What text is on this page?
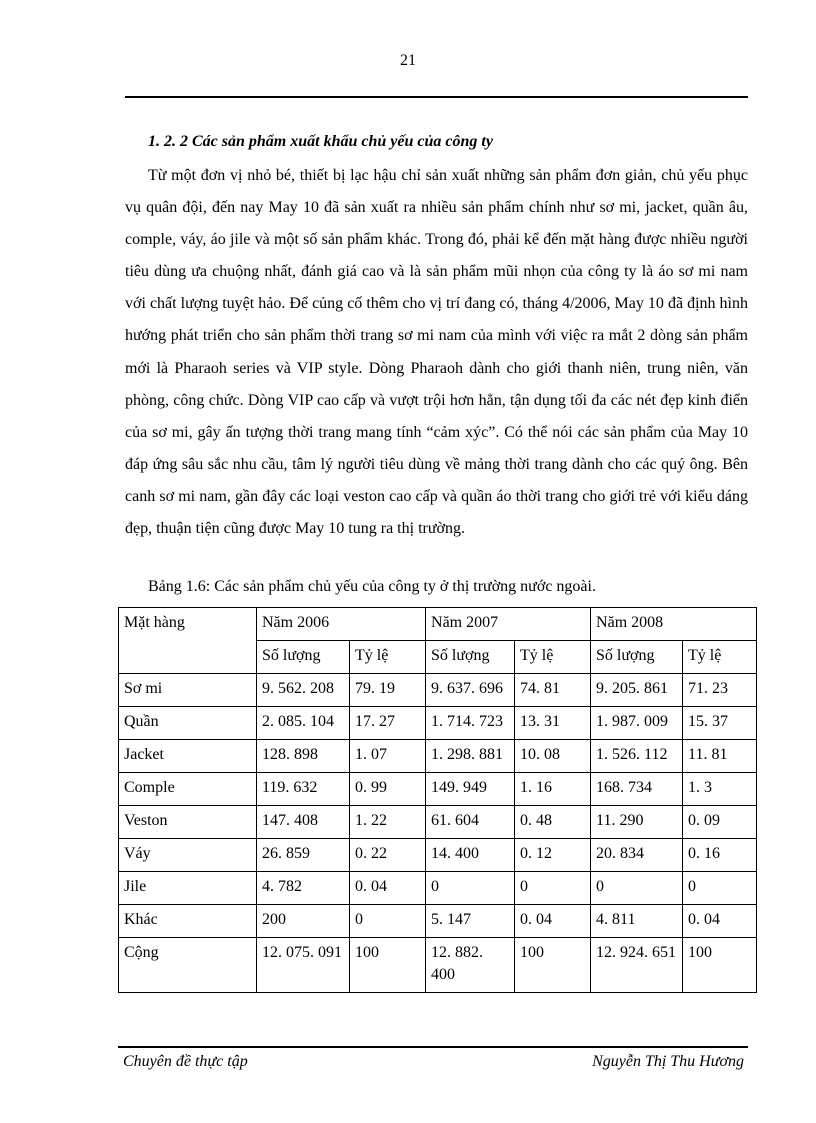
21
1. 2. 2 Các sản phẩm xuất khẩu chủ yếu của công ty

Từ một đơn vị nhỏ bé, thiết bị lạc hậu chỉ sản xuất những sản phẩm đơn giản, chủ yếu phục vụ quân đội, đến nay May 10 đã sản xuất ra nhiều sản phẩm chính như sơ mi, jacket, quần âu, comple, váy, áo jile và một số sản phẩm khác. Trong đó, phải kể đến mặt hàng được nhiều người tiêu dùng ưa chuộng nhất, đánh giá cao và là sản phẩm mũi nhọn của công ty là áo sơ mi nam với chất lượng tuyệt hảo. Để củng cố thêm cho vị trí đang có, tháng 4/2006, May 10 đã định hình hướng phát triển cho sản phẩm thời trang sơ mi nam của mình với việc ra mắt 2 dòng sản phẩm mới là Pharaoh series và VIP style. Dòng Pharaoh dành cho giới thanh niên, trung niên, văn phòng, công chức. Dòng VIP cao cấp và vượt trội hơn hẳn, tận dụng tối đa các nét đẹp kinh điển của sơ mi, gây ấn tượng thời trang mang tính “cảm xýc”. Có thể nói các sản phẩm của May 10 đáp ứng sâu sắc nhu cầu, tâm lý người tiêu dùng về mảng thời trang dành cho các quý ông. Bên canh sơ mi nam, gần đây các loại veston cao cấp và quần áo thời trang cho giới trẻ với kiểu dáng đẹp, thuận tiện cũng được May 10 tung ra thị trường.

Bảng 1.6: Các sản phẩm chủ yếu của công ty ở thị trường nước ngoài.
Mặt hàng	Năm 2006		Năm 2007		Năm 2008	
	Số lượng	Tỷ lệ	Số lượng	Tỷ lệ	Số lượng	Tỷ lệ
Sơ mi	9. 562. 208	79. 19	9. 637. 696	74. 81	9. 205. 861	71. 23
Quần	2. 085. 104	17. 27	1. 714. 723	13. 31	1. 987. 009	15. 37
Jacket	128. 898	1. 07	1. 298. 881	10. 08	1. 526. 112	11. 81
Comple	119. 632	0. 99	149. 949	1. 16	168. 734	1. 3
Veston	147. 408	1. 22	61. 604	0. 48	11. 290	0. 09
Váy	26. 859	0. 22	14. 400	0. 12	20. 834	0. 16
Jile	4. 782	0. 04	0	0	0	0
Khác	200	0	5. 147	0. 04	4. 811	0. 04
Cộng	12. 075. 091	100	12. 882. 400	100	12. 924. 651	100
Chuyên đề thực tập	Nguyễn Thị Thu Hương
